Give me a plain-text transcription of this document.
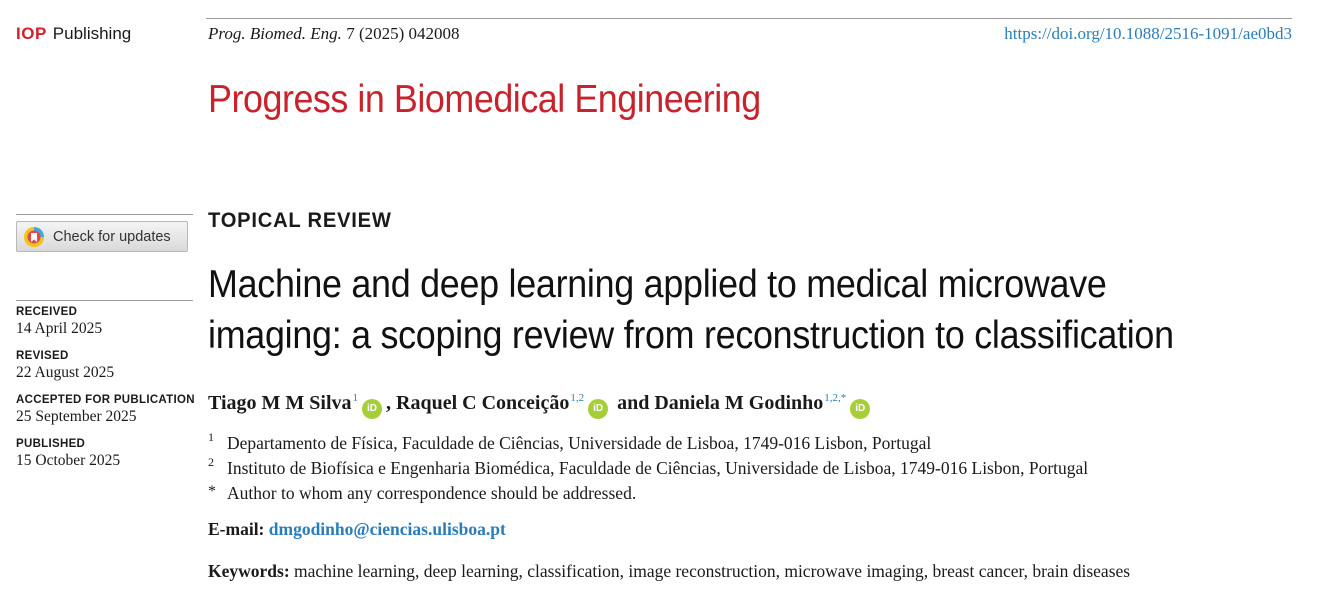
IOP Publishing	Prog. Biomed. Eng. 7 (2025) 042008	https://doi.org/10.1088/2516-1091/ae0bd3
Progress in Biomedical Engineering
Check for updates
RECEIVED
14 April 2025
REVISED
22 August 2025
ACCEPTED FOR PUBLICATION
25 September 2025
PUBLISHED
15 October 2025
TOPICAL REVIEW
Machine and deep learning applied to medical microwave
imaging: a scoping review from reconstruction to classification
Tiago M M Silva$^1$iD , Raquel C Conceição$^{1,2}$iD and Daniela M Godinho$^{1,2,*}$iD
1 Departamento de Física, Faculdade de Ciências, Universidade de Lisboa, 1749-016 Lisbon, Portugal
2 Instituto de Biofísica e Engenharia Biomédica, Faculdade de Ciências, Universidade de Lisboa, 1749-016 Lisbon, Portugal
* Author to whom any correspondence should be addressed.
E-mail: dmgodinho@ciencias.ulisboa.pt
Keywords: machine learning, deep learning, classification, image reconstruction, microwave imaging, breast cancer, brain diseases
